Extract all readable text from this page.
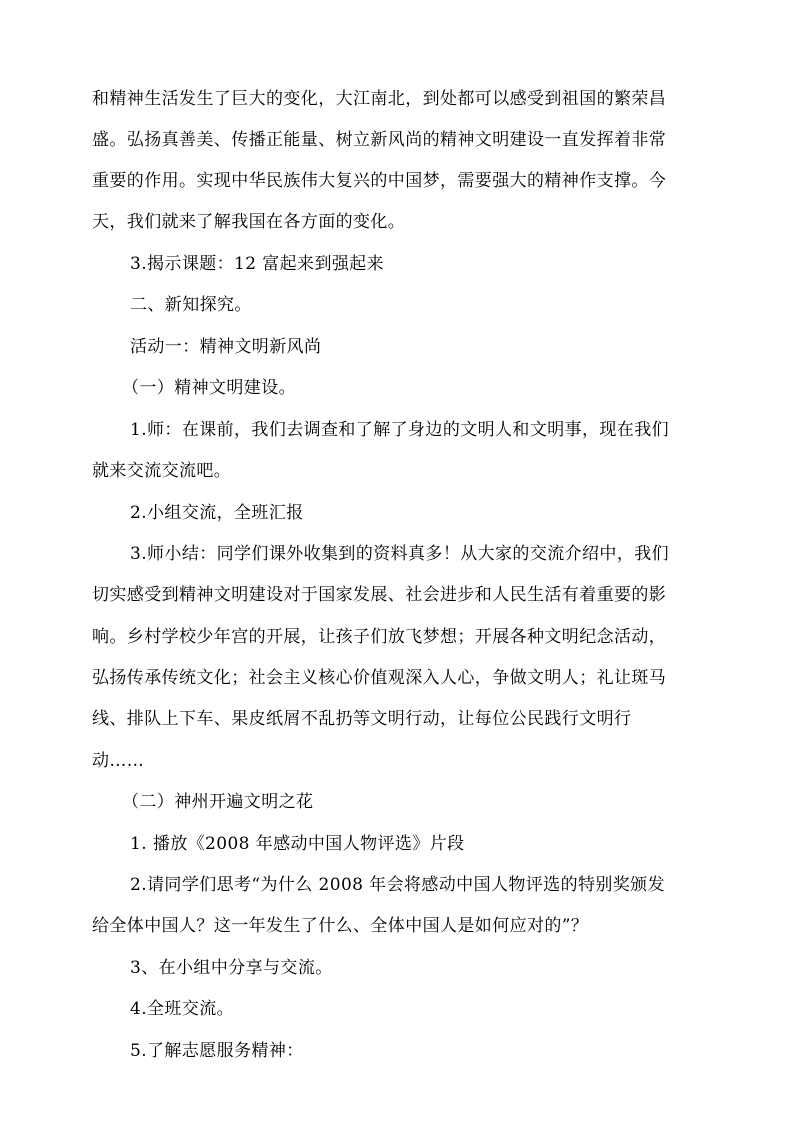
和精神生活发生了巨大的变化，大江南北，到处都可以感受到祖国的繁荣昌
盛。弘扬真善美、传播正能量、树立新风尚的精神文明建设一直发挥着非常
重要的作用。实现中华民族伟大复兴的中国梦，需要强大的精神作支撑。今
天，我们就来了解我国在各方面的变化。
3.揭示课题：12 富起来到强起来
二、新知探究。
活动一：精神文明新风尚
（一）精神文明建设。
1.师：在课前，我们去调查和了解了身边的文明人和文明事，现在我们
就来交流交流吧。
2.小组交流，全班汇报
3.师小结：同学们课外收集到的资料真多！从大家的交流介绍中，我们
切实感受到精神文明建设对于国家发展、社会进步和人民生活有着重要的影
响。乡村学校少年宫的开展，让孩子们放飞梦想；开展各种文明纪念活动，
弘扬传承传统文化；社会主义核心价值观深入人心，争做文明人；礼让斑马
线、排队上下车、果皮纸屑不乱扔等文明行动，让每位公民践行文明行
动……
（二）神州开遍文明之花
1. 播放《2008 年感动中国人物评选》片段
2.请同学们思考“为什么 2008 年会将感动中国人物评选的特别奖颁发
给全体中国人？这一年发生了什么、全体中国人是如何应对的”？
3、在小组中分享与交流。
4.全班交流。
5.了解志愿服务精神：
